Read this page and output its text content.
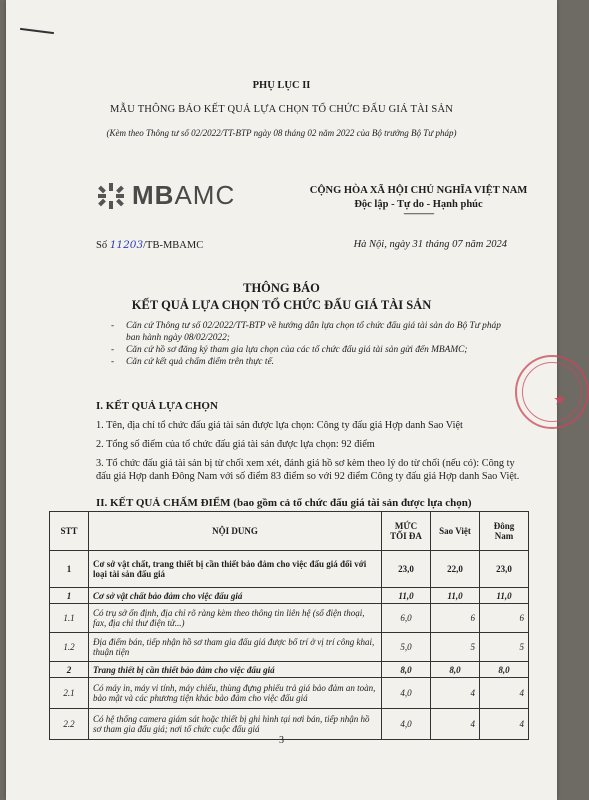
PHỤ LỤC II
MẪU THÔNG BÁO KẾT QUẢ LỰA CHỌN TỔ CHỨC ĐẤU GIÁ TÀI SẢN
(Kèm theo Thông tư số 02/2022/TT-BTP ngày 08 tháng 02 năm 2022 của Bộ trưởng Bộ Tư pháp)
MBAMC	CỘNG HÒA XÃ HỘI CHỦ NGHĨA VIỆT NAM
Độc lập - Tự do - Hạnh phúc
---------------
Số 11203/TB-MBAMC	Hà Nội, ngày 31 tháng 07 năm 2024
THÔNG BÁO
KẾT QUẢ LỰA CHỌN TỔ CHỨC ĐẤU GIÁ TÀI SẢN
- Căn cứ Thông tư số 02/2022/TT-BTP về hướng dẫn lựa chọn tổ chức đấu giá tài sản do Bộ Tư pháp ban hành ngày 08/02/2022;
- Căn cứ hồ sơ đăng ký tham gia lựa chọn của các tổ chức đấu giá tài sản gửi đến MBAMC;
- Căn cứ kết quả chấm điểm trên thực tế.
I. KẾT QUẢ LỰA CHỌN
1. Tên, địa chỉ tổ chức đấu giá tài sản được lựa chọn: Công ty đấu giá Hợp danh Sao Việt
2. Tổng số điểm của tổ chức đấu giá tài sản được lựa chọn: 92 điểm
3. Tổ chức đấu giá tài sản bị từ chối xem xét, đánh giá hồ sơ kèm theo lý do từ chối (nếu có): Công ty đấu giá Hợp danh Đông Nam với số điểm 83 điểm so với 92 điểm Công ty đấu giá Hợp danh Sao Việt.
II. KẾT QUẢ CHẤM ĐIỂM (bao gồm cả tổ chức đấu giá tài sản được lựa chọn)
STT	NỘI DUNG	MỨC TỐI ĐA	Sao Việt	Đông Nam
1	Cơ sở vật chất, trang thiết bị cần thiết bảo đảm cho việc đấu giá đối với loại tài sản đấu giá	23,0	22,0	23,0
1	Cơ sở vật chất bảo đảm cho việc đấu giá	11,0	11,0	11,0
1.1	Có trụ sở ổn định, địa chỉ rõ ràng kèm theo thông tin liên hệ (số điện thoại, fax, địa chỉ thư điện tử...)	6,0	6	6
1.2	Địa điểm bán, tiếp nhận hồ sơ tham gia đấu giá được bố trí ở vị trí công khai, thuận tiện	5,0	5	5
2	Trang thiết bị cần thiết bảo đảm cho việc đấu giá	8,0	8,0	8,0
2.1	Có máy in, máy vi tính, máy chiếu, thùng đựng phiếu trả giá bảo đảm an toàn, bảo mật và các phương tiện khác bảo đảm cho việc đấu giá	4,0	4	4
2.2	Có hệ thống camera giám sát hoặc thiết bị ghi hình tại nơi bán, tiếp nhận hồ sơ tham gia đấu giá; nơi tổ chức cuộc đấu giá	4,0	4	4
3
★
